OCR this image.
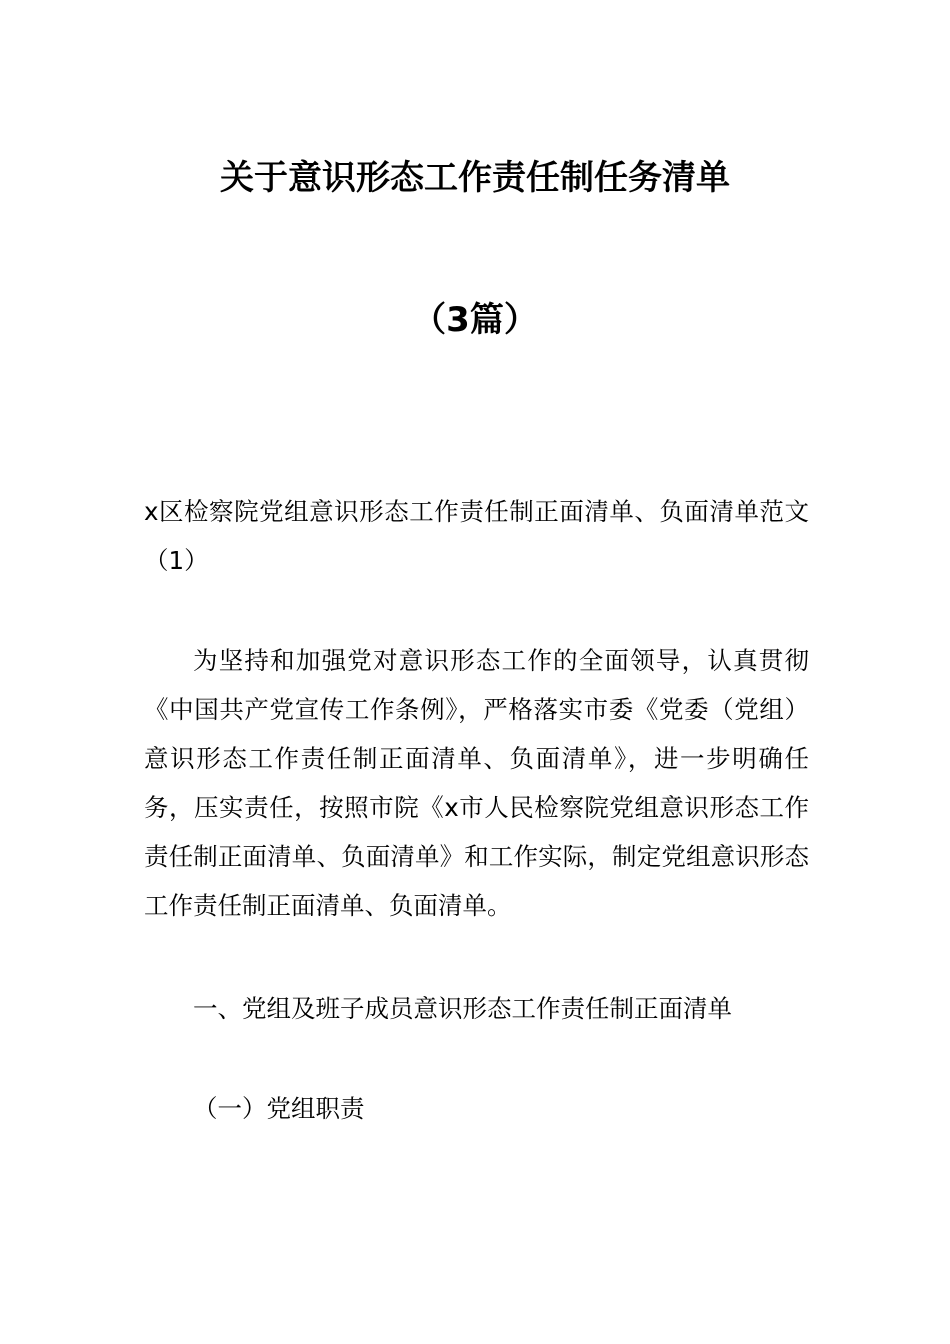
关于意识形态工作责任制任务清单
（3篇）
x区检察院党组意识形态工作责任制正面清单、负面清单范文（1）
为坚持和加强党对意识形态工作的全面领导，认真贯彻《中国共产党宣传工作条例》，严格落实市委《党委（党组）意识形态工作责任制正面清单、负面清单》，进一步明确任务，压实责任，按照市院《x市人民检察院党组意识形态工作责任制正面清单、负面清单》和工作实际，制定党组意识形态工作责任制正面清单、负面清单。
一、党组及班子成员意识形态工作责任制正面清单
（一）党组职责
